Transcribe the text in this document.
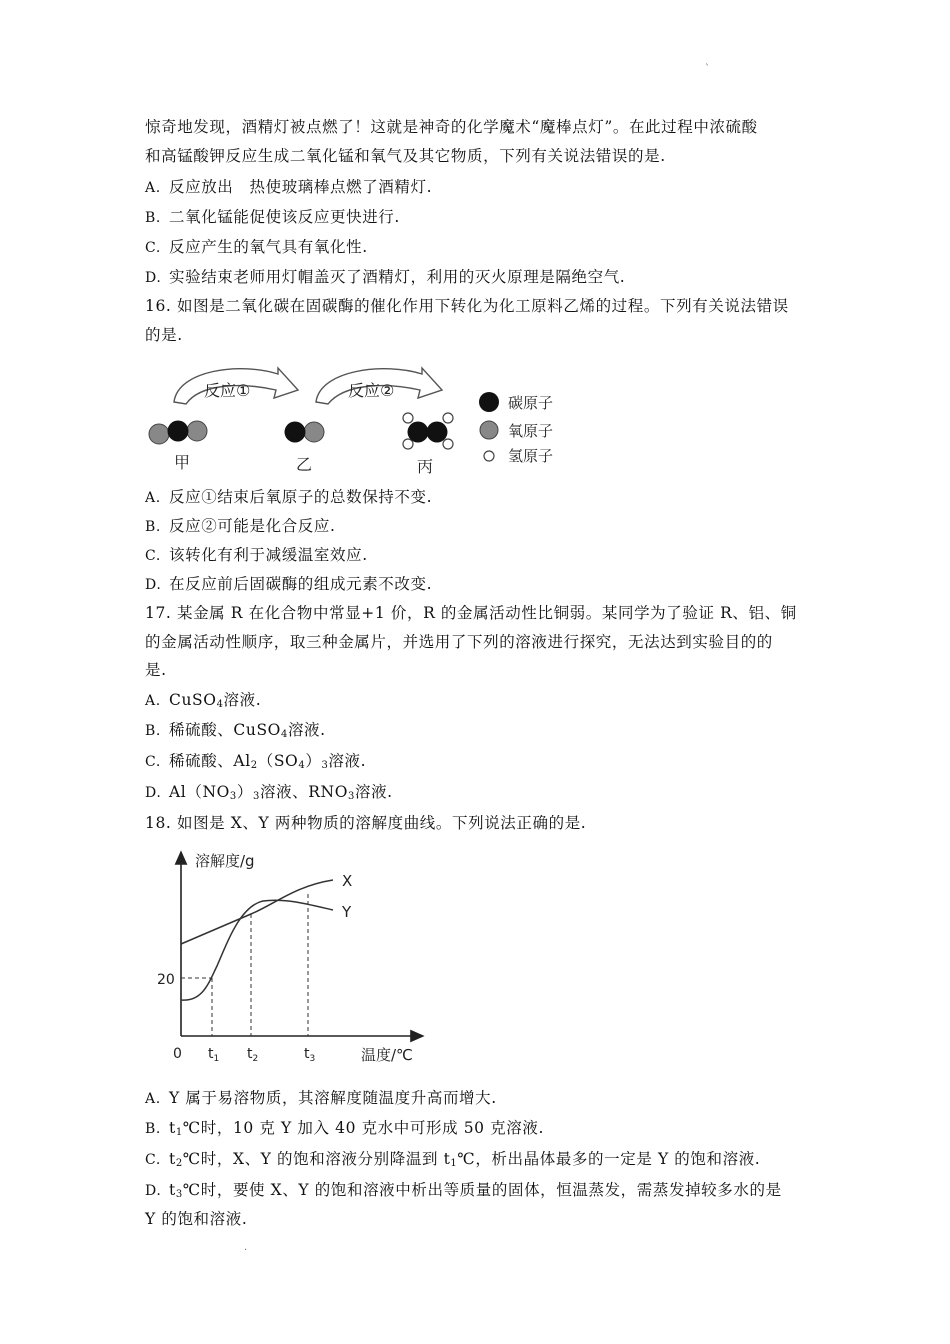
`
惊奇地发现，酒精灯被点燃了！这就是神奇的化学魔术“魔棒点灯”。在此过程中浓硫酸
和高锰酸钾反应生成二氧化锰和氧气及其它物质，下列有关说法错误的是.
A. 反应放出　热使玻璃棒点燃了酒精灯.
B. 二氧化锰能促使该反应更快进行.
C. 反应产生的氧气具有氧化性.
D. 实验结束老师用灯帽盖灭了酒精灯，利用的灭火原理是隔绝空气.
16. 如图是二氧化碳在固碳酶的催化作用下转化为化工原料乙烯的过程。下列有关说法错误
的是.
反应①	反应②
甲	乙	丙
碳原子
氧原子
氢原子
A. 反应①结束后氧原子的总数保持不变.
B. 反应②可能是化合反应.
C. 该转化有利于减缓温室效应.
D. 在反应前后固碳酶的组成元素不改变.
17. 某金属 R 在化合物中常显+1 价，R 的金属活动性比铜弱。某同学为了验证 R、铝、铜
的金属活动性顺序，取三种金属片，并选用了下列的溶液进行探究，无法达到实验目的的
是.
A. CuSO$_4$溶液.
B. 稀硫酸、CuSO$_4$溶液.
C. 稀硫酸、$Al_2(SO_4)_3$溶液.
D. $Al(NO_3)_3$溶液、$RNO_3$溶液.
18. 如图是 X、Y 两种物质的溶解度曲线。下列说法正确的是.
溶解度/g
温度/℃
20
0
X
Y
$t_1$ $t_2$	$t_3$
A. Y 属于易溶物质，其溶解度随温度升高而增大.
B. $t_1℃$时，10 克 Y 加入 40 克水中可形成 50 克溶液.
C. $t_2℃$时，X、Y 的饱和溶液分别降温到 $t_1℃$，析出晶体最多的一定是 Y 的饱和溶液.
D. $t_3℃$时，要使 X、Y 的饱和溶液中析出等质量的固体，恒温蒸发，需蒸发掉较多水的是
Y 的饱和溶液.
.
